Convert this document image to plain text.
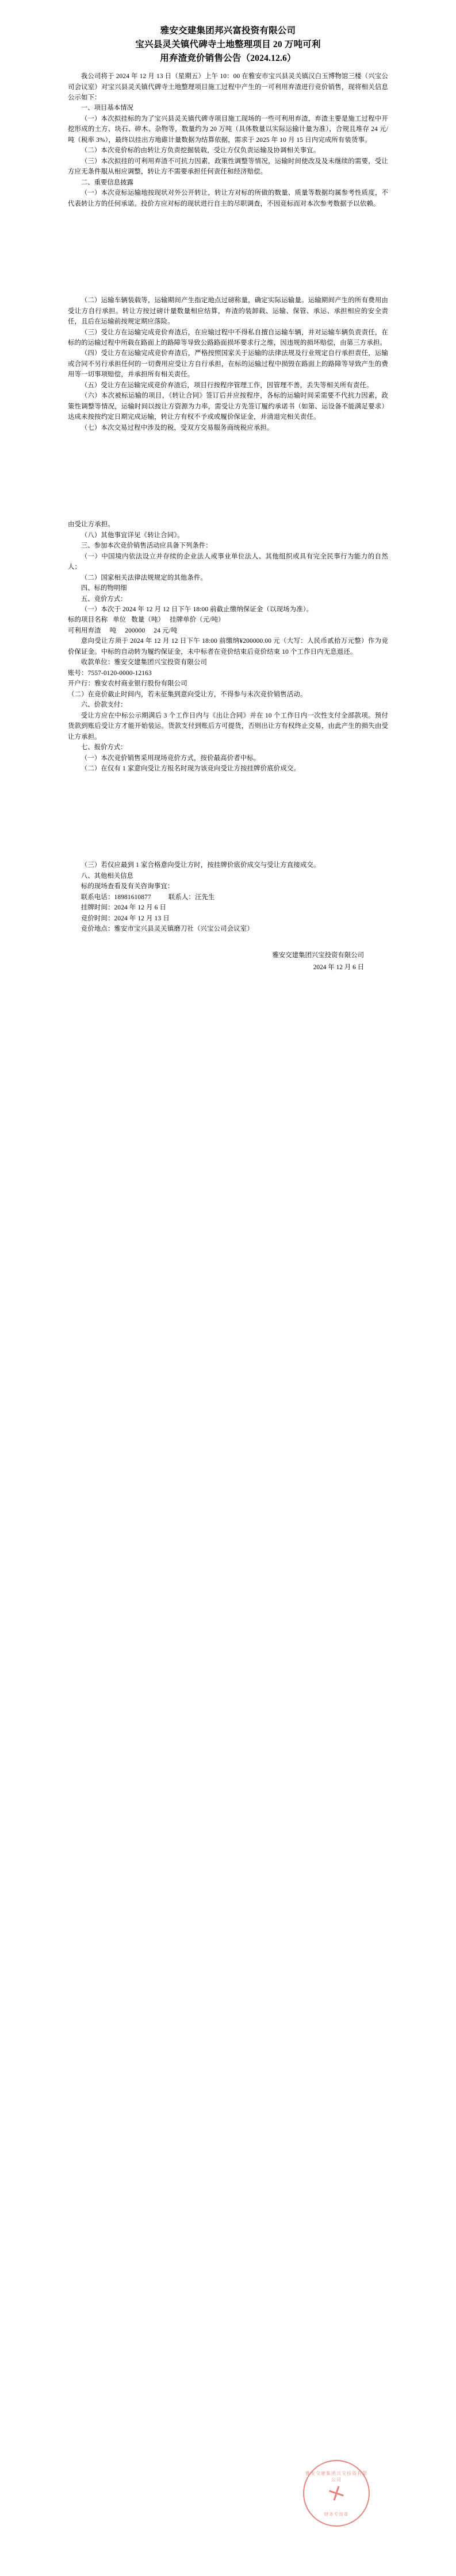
雅安交建集团邦兴富投资有限公司
宝兴县灵关镇代碑寺土地整理项目 20 万吨可利
用弃渣竞价销售公告（2024.12.6）

我公司将于 2024 年 12 月 13 日（星期五）上午 10：00 在雅安市宝兴县灵关镇汉白玉博物馆三楼（兴宝公司会议室）对宝兴县灵关镇代碑寺土地整理项目施工过程中产生的一可利用弃渣进行竞价销售，现将相关信息公示如下：

一、项目基本情况

（一）本次拟挂标的为了宝兴县灵关镇代碑寺项目施工现场的一些可利用弃渣，弃渣主要是施工过程中开挖形成的土方、块石、碎木、杂物等，数量约为 20 万吨（具体数量以实际运输计量为准），合规且堆存 24 元/吨（税率 3%），最终以挂出方地碓计量数据为结算依据，需求于 2025 年 10 月 15 日内完成所有装货事。

（二）本次竞价标的由转让方负责挖掘装载，受让方仅负责运输及协调相关事宜。

（三）本次拟挂的可利用弃渣不可抗力因素，政策性调整等情况，运输时间使改及及未继续的需要，受让方应无条件服从相应调整，转让方不需要承担任何责任和经济赔偿。

二、重要信息披露

（一）本次竞标运输地按现状对外公开转让，转让方对标的所做的数量、质量等数据均属参考性质度，不代表转让方的任何承诺。投价方应对标的现状进行自主的尽职调查，不因竞标而对本次参考数据予以依赖。

（二）运输车辆装载等，运输期间产生指定地点过磅称量，确定实际运输量。运输期间产生的所有费用由受让方自行承担。转让方按过磅计量数量相应结算，弃渣的装卸载、运输、保管、承运、承担相应的安全责任，且后在运输前按规定期应落险。

（三）受让方在运输完成竞价弃渣后，在应输过程中不得私自擅自运输车辆，并对运输车辆负责责任，在标的的运输过程中所载在路面上的路障等导致公路路面损坏要求行之维，因违规的损坏赔偿，由第三方承担。

（四）受让方在运输完成竞价弃渣后，严格按照国家关于运输的法律法规及行业规定自行承担责任，运输或合同不另行承担任何的一切费用应受让方自行承担，在标的运输过程中损毁在路面上的路障等导致产生的费用等一切事项赔偿，并承担所有相关责任。

（五）受让方在运输完成竞价弃渣后，项目行按程序管理工作，因管理不善，丢失等相关所有责任。

（六）本次被标运输的项目，《转让合同》签订后并应按程序，各标的运输时间采需要不代抗力因素，政策性调整等情况，运输时间以按让方资源为力率，需受让方先签订履约承诺书（如第、运设备不能满足要求）达成未按按约定日期完成运输，转让方有权不予或或履价保证金，并清退完相关责任。

（七）本次交易过程中涉及的税，受双方交易服务商统税应承担。

由受让方承担。

（八）其他事宜详见《转让合同》。

三、参加本次竞价销售活动应具备下列条件：

（一）中国境内依法设立并存续的企业法人或事业单位法人、其他组织或具有完全民事行为能力的自然人；

（二）国家相关法律法规规定的其他条件。

四、标的物明细

五、竞价方式：

（一）本次于 2024 年 12 月 12 日下午 18:00 前截止缴纳保证金（以现场为准）。

标的项目名称   单位   数量（吨）   挂牌单价（元/吨）

可利用弃渣     吨     200000     24 元/吨

意向受让方须于 2024 年 12 月 12 日下午 18:00 前缴纳¥200000.00 元（大写：人民币贰拾万元整）作为竞价保证金。中标的自动转为履约保证金，未中标者在竞价结束后竞价结束 10 个工作日内无息退还。

收款单位：雅安交建集团兴宝投资有限公司

账号：7557-0120-0000-12163

开户行：雅安农村商业银行股份有限公司

（二）在竞价截止时间内，若未征集到意向受让方，不得参与未次竞价销售活动。

六、价款支付：

受让方应在中标公示期满后 3 个工作日内与《出让合同》并在 10 个工作日内一次性支付全部款项。预付货款到账后受让方才能开始装运。货款支付到账后方可提货，否则出让方有权终止交易，由此产生的损失由受让方承担。

七、报价方式：

（一）本次竞价销售采用现场竞价方式，按价最高价者中标。

（二）在仅有 1 家意向受让方报名时现为该竞向受让方按挂牌价底价成交。

（三）若仅应最到 1 家合格意向受让方时，按挂牌价底价成交与受让方直接成交。

八、其他相关信息

标的现场查看及有关咨询事宜：

联系电话：18981610877	联系人：汪先生

挂牌时间：2024 年 12 月 6 日

竞价时间：2024 年 12 月 13 日

竞价地点：雅安市宝兴县灵关镇磨刀社（兴宝公司会议室）

雅安交建集团兴宝投资有限公司
2024 年 12 月 6 日
雅安交建集团兴宝投资有限公司
财务专用章
